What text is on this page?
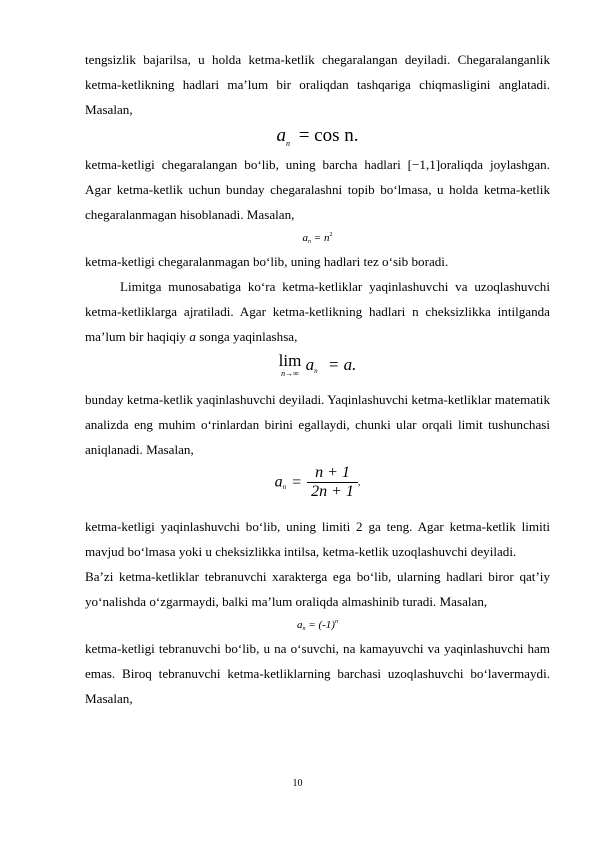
tengsizlik bajarilsa, u holda ketma-ketlik chegaralangan deyiladi. Chegaralanganlik ketma-ketlikning hadlari ma’lum bir oraliqdan tashqariga chiqmasligini anglatadi. Masalan,

$a_n = \cos n$.

ketma-ketligi chegaralangan bo‘lib, uning barcha hadlari [−1,1]oraliqda joylashgan. Agar ketma-ketlik uchun bunday chegaralashni topib bo‘lmasa, u holda ketma-ketlik chegaralanmagan hisoblanadi. Masalan,

an = $n^2$

ketma-ketligi chegaralanmagan bo‘lib, uning hadlari tez o‘sib boradi.

Limitga munosabatiga ko‘ra ketma-ketliklar yaqinlashuvchi va uzoqlashuvchi ketma-ketliklarga ajratiladi. Agar ketma-ketlikning hadlari n cheksizlikka intilganda ma’lum bir haqiqiy a songa yaqinlashsa,

lim
n→∞ an = a.

bunday ketma-ketlik yaqinlashuvchi deyiladi. Yaqinlashuvchi ketma-ketliklar matematik analizda eng muhim o‘rinlardan birini egallaydi, chunki ular orqali limit tushunchasi aniqlanadi. Masalan,

$a_n = \frac{n + 1}{2n + 1}$ ,

ketma-ketligi yaqinlashuvchi bo‘lib, uning limiti 2 ga teng. Agar ketma-ketlik limiti mavjud bo‘lmasa yoki u cheksizlikka intilsa, ketma-ketlik uzoqlashuvchi deyiladi.

Ba’zi ketma-ketliklar tebranuvchi xarakterga ega bo‘lib, ularning hadlari biror qat’iy yo‘nalishda o‘zgarmaydi, balki ma’lum oraliqda almashinib turadi. Masalan,

an = $(-1)^n$

ketma-ketligi tebranuvchi bo‘lib, u na o‘suvchi, na kamayuvchi va yaqinlashuvchi ham emas. Biroq tebranuvchi ketma-ketliklarning barchasi uzoqlashuvchi bo‘lavermaydi. Masalan,

10
